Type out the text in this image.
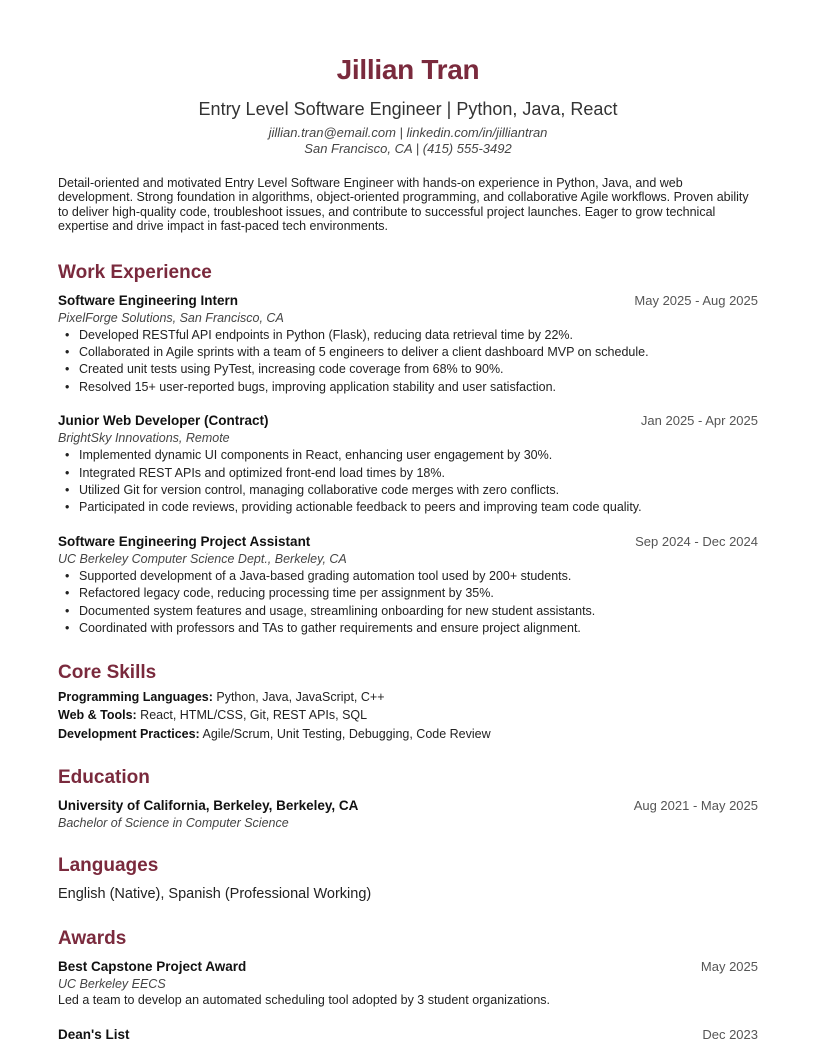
Jillian Tran
Entry Level Software Engineer | Python, Java, React
jillian.tran@email.com | linkedin.com/in/jilliantran
San Francisco, CA | (415) 555-3492

Detail-oriented and motivated Entry Level Software Engineer with hands-on experience in Python, Java, and web development. Strong foundation in algorithms, object-oriented programming, and collaborative Agile workflows. Proven ability to deliver high-quality code, troubleshoot issues, and contribute to successful project launches. Eager to grow technical expertise and drive impact in fast-paced tech environments.

Work Experience
Software Engineering Intern	May 2025 - Aug 2025
PixelForge Solutions, San Francisco, CA
• Developed RESTful API endpoints in Python (Flask), reducing data retrieval time by 22%.
• Collaborated in Agile sprints with a team of 5 engineers to deliver a client dashboard MVP on schedule.
• Created unit tests using PyTest, increasing code coverage from 68% to 90%.
• Resolved 15+ user-reported bugs, improving application stability and user satisfaction.
Junior Web Developer (Contract)	Jan 2025 - Apr 2025
BrightSky Innovations, Remote
• Implemented dynamic UI components in React, enhancing user engagement by 30%.
• Integrated REST APIs and optimized front-end load times by 18%.
• Utilized Git for version control, managing collaborative code merges with zero conflicts.
• Participated in code reviews, providing actionable feedback to peers and improving team code quality.
Software Engineering Project Assistant	Sep 2024 - Dec 2024
UC Berkeley Computer Science Dept., Berkeley, CA
• Supported development of a Java-based grading automation tool used by 200+ students.
• Refactored legacy code, reducing processing time per assignment by 35%.
• Documented system features and usage, streamlining onboarding for new student assistants.
• Coordinated with professors and TAs to gather requirements and ensure project alignment.
Core Skills
Programming Languages: Python, Java, JavaScript, C++
Web & Tools: React, HTML/CSS, Git, REST APIs, SQL
Development Practices: Agile/Scrum, Unit Testing, Debugging, Code Review
Education
University of California, Berkeley, Berkeley, CA	Aug 2021 - May 2025
Bachelor of Science in Computer Science
Languages
English (Native), Spanish (Professional Working)
Awards
Best Capstone Project Award	May 2025
UC Berkeley EECS
Led a team to develop an automated scheduling tool adopted by 3 student organizations.
Dean's List	Dec 2023
